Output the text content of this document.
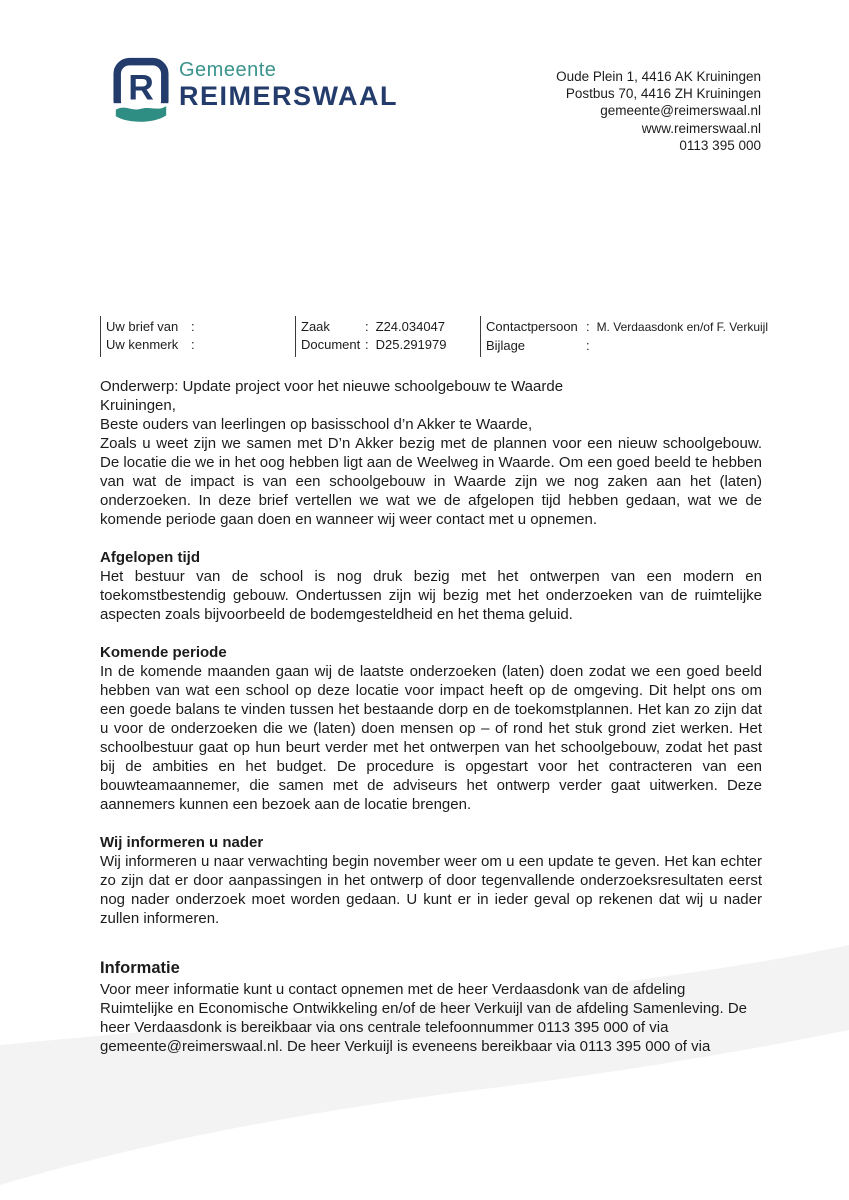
R Gemeente
REIMERSWAAL
Oude Plein 1, 4416 AK Kruiningen
Postbus 70, 4416 ZH Kruiningen
gemeente@reimerswaal.nl
www.reimerswaal.nl
0113 395 000
Uw brief van :
Uw kenmerk :
Zaak	: Z24.034047
Document : D25.291979
Contactpersoon : M. Verdaasdonk en/of F. Verkuijl
Bijlage	:

Onderwerp: Update project voor het nieuwe schoolgebouw te Waarde

Kruiningen,

Beste ouders van leerlingen op basisschool d’n Akker te Waarde,

Zoals u weet zijn we samen met D’n Akker bezig met de plannen voor een nieuw schoolgebouw. De locatie die we in het oog hebben ligt aan de Weelweg in Waarde. Om een goed beeld te hebben van wat de impact is van een schoolgebouw in Waarde zijn we nog zaken aan het (laten) onderzoeken. In deze brief vertellen we wat we de afgelopen tijd hebben gedaan, wat we de komende periode gaan doen en wanneer wij weer contact met u opnemen.

Afgelopen tijd

Het bestuur van de school is nog druk bezig met het ontwerpen van een modern en toekomstbestendig gebouw. Ondertussen zijn wij bezig met het onderzoeken van de ruimtelijke aspecten zoals bijvoorbeeld de bodemgesteldheid en het thema geluid.

Komende periode

In de komende maanden gaan wij de laatste onderzoeken (laten) doen zodat we een goed beeld hebben van wat een school op deze locatie voor impact heeft op de omgeving. Dit helpt ons om een goede balans te vinden tussen het bestaande dorp en de toekomstplannen. Het kan zo zijn dat u voor de onderzoeken die we (laten) doen mensen op – of rond het stuk grond ziet werken. Het schoolbestuur gaat op hun beurt verder met het ontwerpen van het schoolgebouw, zodat het past bij de ambities en het budget. De procedure is opgestart voor het contracteren van een bouwteamaannemer, die samen met de adviseurs het ontwerp verder gaat uitwerken. Deze aannemers kunnen een bezoek aan de locatie brengen.

Wij informeren u nader

Wij informeren u naar verwachting begin november weer om u een update te geven. Het kan echter zo zijn dat er door aanpassingen in het ontwerp of door tegenvallende onderzoeksresultaten eerst nog nader onderzoek moet worden gedaan. U kunt er in ieder geval op rekenen dat wij u nader zullen informeren.

Informatie

Voor meer informatie kunt u contact opnemen met de heer Verdaasdonk van de afdeling Ruimtelijke en Economische Ontwikkeling en/of de heer Verkuijl van de afdeling Samenleving. De heer Verdaasdonk is bereikbaar via ons centrale telefoonnummer 0113 395 000 of via gemeente@reimerswaal.nl. De heer Verkuijl is eveneens bereikbaar via 0113 395 000 of via
